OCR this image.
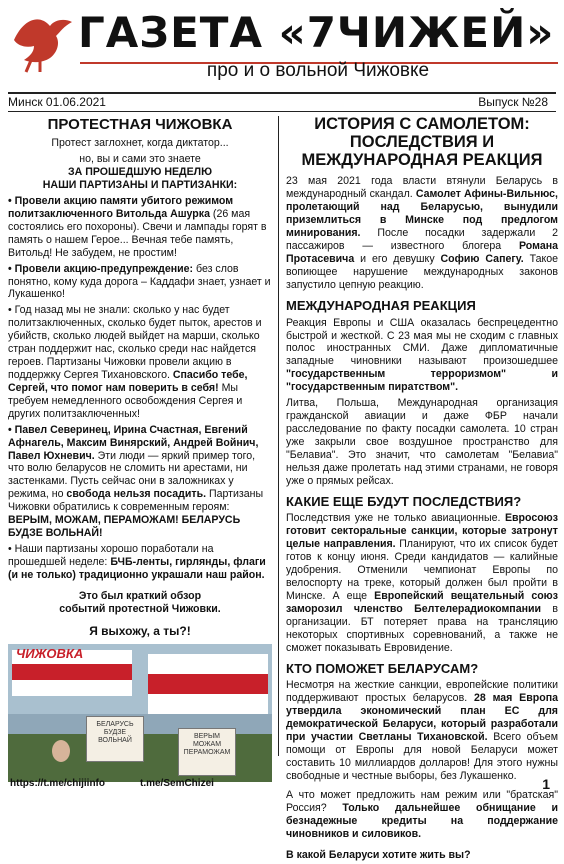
ГАЗЕТА «7ЧИЖЕЙ»
про и о вольной Чижовке
Минск 01.06.2021	Выпуск №28
ПРОТЕСТНАЯ ЧИЖОВКА

Протест заглохнет, когда диктатор...

но, вы и сами это знаете

ЗА ПРОШЕДШУЮ НЕДЕЛЮ

НАШИ ПАРТИЗАНЫ И ПАРТИЗАНКИ:

• Провели акцию памяти убитого режимом политзаключенного Витольда Ашурка (26 мая состоялись его похороны). Свечи и лампады горят в память о нашем Герое... Вечная тебе память, Витольд! Не забудем, не простим!

• Провели акцию-предупреждение: без слов понятно, кому куда дорога – Каддафи знает, узнает и Лукашенко!

• Год назад мы не знали: сколько у нас будет политзаключенных, сколько будет пыток, арестов и убийств, сколько людей выйдет на марши, сколько стран поддержит нас, сколько среди нас найдется героев. Партизаны Чижовки провели акцию в поддержку Сергея Тихановского. Спасибо тебе, Сергей, что помог нам поверить в себя! Мы требуем немедленного освобождения Сергея и других политзаключенных!

• Павел Северинец, Ирина Счастная, Евгений Афнагель, Максим Винярский, Андрей Войнич, Павел Юхневич. Эти люди — яркий пример того, что волю беларусов не сломить ни арестами, ни застенками. Пусть сейчас они в заложниках у режима, но свобода нельзя посадить. Партизаны Чижовки обратились к современным героям: ВЕРЫМ, МОЖАМ, ПЕРАМОЖАМ! БЕЛАРУСЬ БУДЗЕ ВОЛЬНАЙ!

• Наши партизаны хорошо поработали на прошедшей неделе: БЧБ-ленты, гирлянды, флаги (и не только) традиционно украшали наш район.

Это был краткий обзор

событий протестной Чижовки.

Я выхожу, а ты?!

ЧИЖОВКА
БЕЛАРУСЬ БУДЗЕ ВОЛЬНАЙ
ВЕРЫМ МОЖАМ ПЕРАМОЖАМ
ИСТОРИЯ С САМОЛЕТОМ: ПОСЛЕДСТВИЯ И МЕЖДУНАРОДНАЯ РЕАКЦИЯ

23 мая 2021 года власти втянули Беларусь в международный скандал. Самолет Афины-Вильнюс, пролетающий над Беларусью, вынудили приземлиться в Минске под предлогом минирования. После посадки задержали 2 пассажиров — известного блогера Романа Протасевича и его девушку Софию Сапегу. Такое вопиющее нарушение международных законов запустило цепную реакцию.

МЕЖДУНАРОДНАЯ РЕАКЦИЯ

Реакция Европы и США оказалась беспрецедентно быстрой и жесткой. С 23 мая мы не сходим с главных полос иностранных СМИ. Даже дипломатичные западные чиновники называют произошедшее "государственным терроризмом" и "государственным пиратством".

Литва, Польша, Международная организация гражданской авиации и даже ФБР начали расследование по факту посадки самолета. 10 стран уже закрыли свое воздушное пространство для "Белавиа". Это значит, что самолетам "Белавиа" нельзя даже пролетать над этими странами, не говоря уже о прямых рейсах.

КАКИЕ ЕЩЕ БУДУТ ПОСЛЕДСТВИЯ?

Последствия уже не только авиационные. Евросоюз готовит секторальные санкции, которые затронут целые направления. Планируют, что их список будет готов к концу июня. Среди кандидатов — калийные удобрения. Отменили чемпионат Европы по велоспорту на треке, который должен был пройти в Минске. А еще Европейский вещательный союз заморозил членство Белтелерадиокомпании в организации. БТ потеряет права на трансляцию некоторых спортивных соревнований, а также не сможет показывать Евровидение.

КТО ПОМОЖЕТ БЕЛАРУСАМ?

Несмотря на жесткие санкции, европейские политики поддерживают простых беларусов. 28 мая Европа утвердила экономический план ЕС для демократической Беларуси, который разработали при участии Светланы Тихановской. Всего объем помощи от Европы для новой Беларуси может составить 10 миллиардов долларов! Для этого нужны свободные и честные выборы, без Лукашенко.

А что может предложить нам режим или "братская" Россия? Только дальнейшее обнищание и безнадежные кредиты на поддержание чиновников и силовиков.

В какой Беларуси хотите жить вы?

https://t.me/chijiinfo	t.me/SemChizei	1
